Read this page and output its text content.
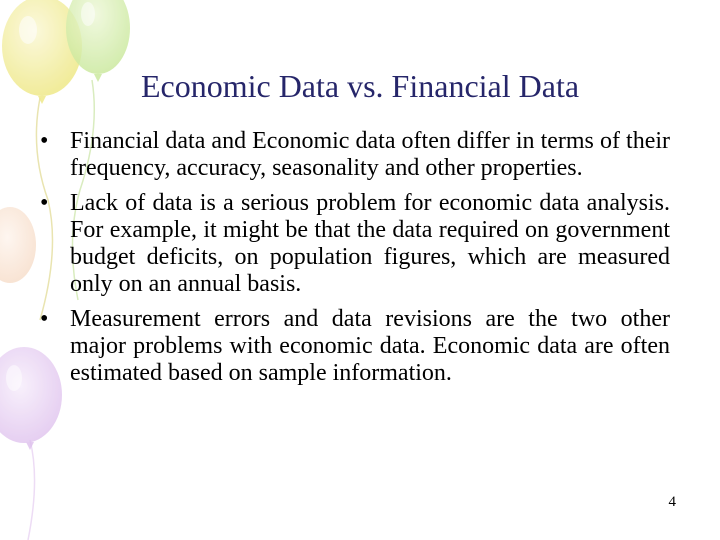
Economic Data vs. Financial Data
• Financial data and Economic data often differ in terms of their frequency, accuracy, seasonality and other properties.
• Lack of data is a serious problem for economic data analysis. For example, it might be that the data required on government budget deficits, on population figures, which are measured only on an annual basis.
• Measurement errors and data revisions are the two other major problems with economic data. Economic data are often estimated based on sample information.
4
